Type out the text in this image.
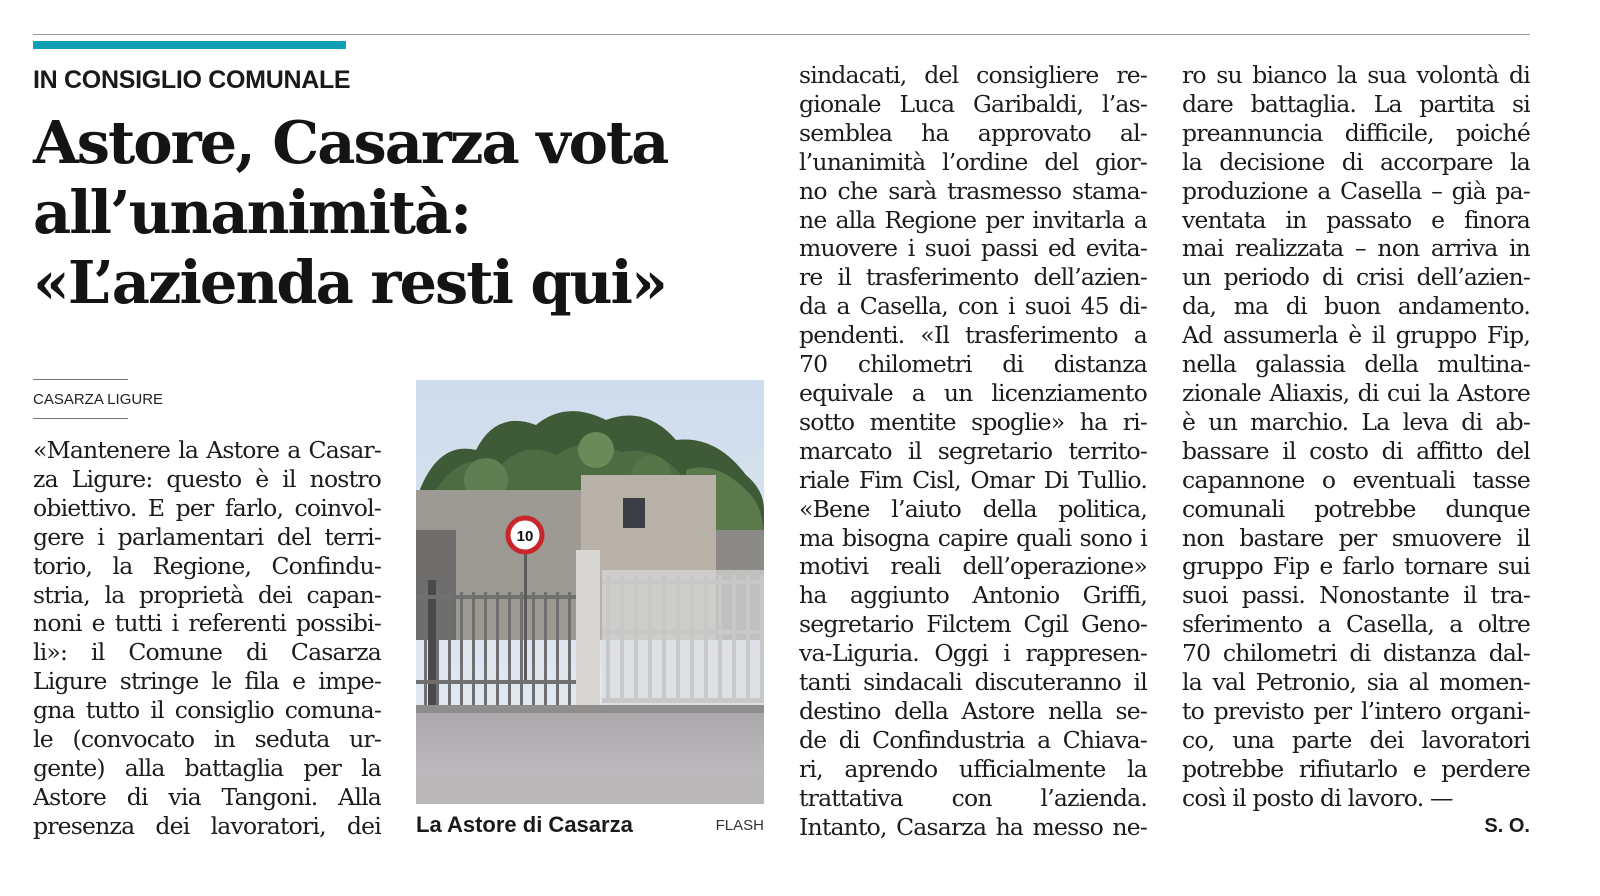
IN CONSIGLIO COMUNALE
Astore, Casarza vota
all’unanimità:
«L’azienda resti qui»
CASARZA LIGURE
«Mantenere la Astore a Casar-
za Ligure: questo è il nostro
obiettivo. E per farlo, coinvol-
gere i parlamentari del terri-
torio, la Regione, Confindu-
stria, la proprietà dei capan-
noni e tutti i referenti possibi-
li»: il Comune di Casarza
Ligure stringe le fila e impe-
gna tutto il consiglio comuna-
le (convocato in seduta ur-
gente) alla battaglia per la
Astore di via Tangoni. Alla
presenza dei lavoratori, dei
10
La Astore di Casarza	FLASH
sindacati, del consigliere re-
gionale Luca Garibaldi, l’as-
semblea ha approvato al-
l’unanimità l’ordine del gior-
no che sarà trasmesso stama-
ne alla Regione per invitarla a
muovere i suoi passi ed evita-
re il trasferimento dell’azien-
da a Casella, con i suoi 45 di-
pendenti. «Il trasferimento a
70 chilometri di distanza
equivale a un licenziamento
sotto mentite spoglie» ha ri-
marcato il segretario territo-
riale Fim Cisl, Omar Di Tullio.
«Bene l’aiuto della politica,
ma bisogna capire quali sono i
motivi reali dell’operazione»
ha aggiunto Antonio Griffi,
segretario Filctem Cgil Geno-
va-Liguria. Oggi i rappresen-
tanti sindacali discuteranno il
destino della Astore nella se-
de di Confindustria a Chiava-
ri, aprendo ufficialmente la
trattativa con l’azienda.
Intanto, Casarza ha messo ne-
ro su bianco la sua volontà di
dare battaglia. La partita si
preannuncia difficile, poiché
la decisione di accorpare la
produzione a Casella – già pa-
ventata in passato e finora
mai realizzata – non arriva in
un periodo di crisi dell’azien-
da, ma di buon andamento.
Ad assumerla è il gruppo Fip,
nella galassia della multina-
zionale Aliaxis, di cui la Astore
è un marchio. La leva di ab-
bassare il costo di affitto del
capannone o eventuali tasse
comunali potrebbe dunque
non bastare per smuovere il
gruppo Fip e farlo tornare sui
suoi passi. Nonostante il tra-
sferimento a Casella, a oltre
70 chilometri di distanza dal-
la val Petronio, sia al momen-
to previsto per l’intero organi-
co, una parte dei lavoratori
potrebbe rifiutarlo e perdere
così il posto di lavoro. —
S. O.
